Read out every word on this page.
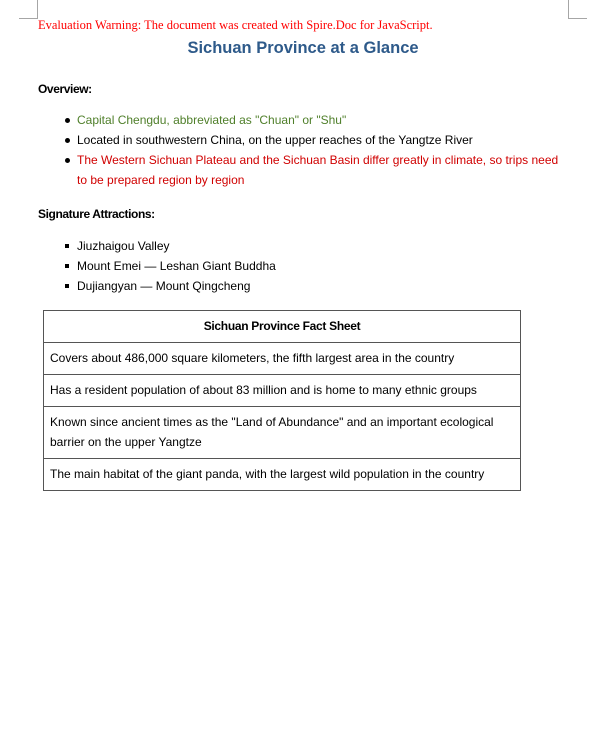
Evaluation Warning: The document was created with Spire.Doc for JavaScript.
Sichuan Province at a Glance
Overview:
Capital Chengdu, abbreviated as "Chuan" or "Shu"
Located in southwestern China, on the upper reaches of the Yangtze River
The Western Sichuan Plateau and the Sichuan Basin differ greatly in climate, so trips need to be prepared region by region
Signature Attractions:
Jiuzhaigou Valley
Mount Emei — Leshan Giant Buddha
Dujiangyan — Mount Qingcheng
Sichuan Province Fact Sheet
Covers about 486,000 square kilometers, the fifth largest area in the country
Has a resident population of about 83 million and is home to many ethnic groups
Known since ancient times as the "Land of Abundance" and an important ecological barrier on the upper Yangtze
The main habitat of the giant panda, with the largest wild population in the country
